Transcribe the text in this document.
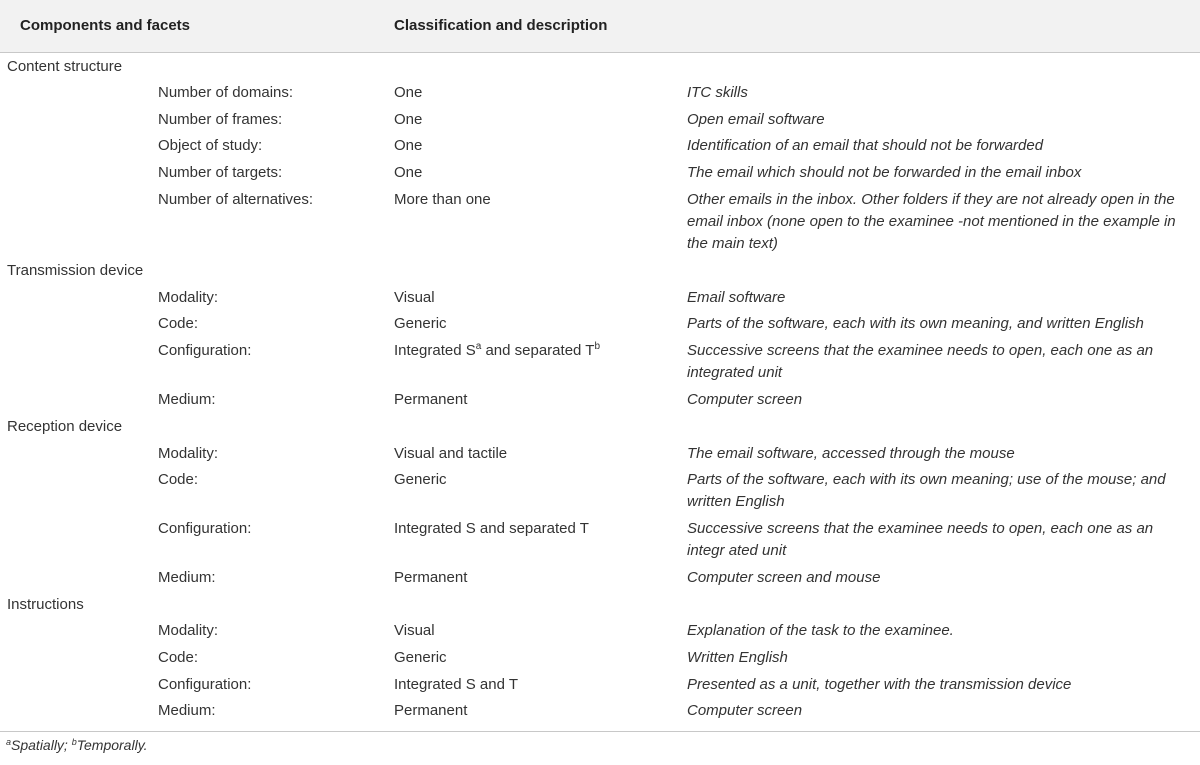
Components and facets	Classification and description
Content structure
Number of domains:	One	ITC skills
Number of frames:	One	Open email software
Object of study:	One	Identification of an email that should not be forwarded
Number of targets:	One	The email which should not be forwarded in the email inbox
Number of alternatives:	More than one	Other emails in the inbox. Other folders if they are not already open in the email inbox (none open to the examinee -not mentioned in the example in the main text)
Transmission device
Modality:	Visual	Email software
Code:	Generic	Parts of the software, each with its own meaning, and written English
Configuration:	Integrated $S^a$ and separated $T^b$	Successive screens that the examinee needs to open, each one as an integrated unit
Medium:	Permanent	Computer screen
Reception device
Modality:	Visual and tactile	The email software, accessed through the mouse
Code:	Generic	Parts of the software, each with its own meaning; use of the mouse; and written English
Configuration:	Integrated S and separated T	Successive screens that the examinee needs to open, each one as an integr ated unit
Medium:	Permanent	Computer screen and mouse
Instructions
Modality:	Visual	Explanation of the task to the examinee.
Code:	Generic	Written English
Configuration:	Integrated S and T	Presented as a unit, together with the transmission device
Medium:	Permanent	Computer screen
$^a$Spatially; $^b$Temporally.
